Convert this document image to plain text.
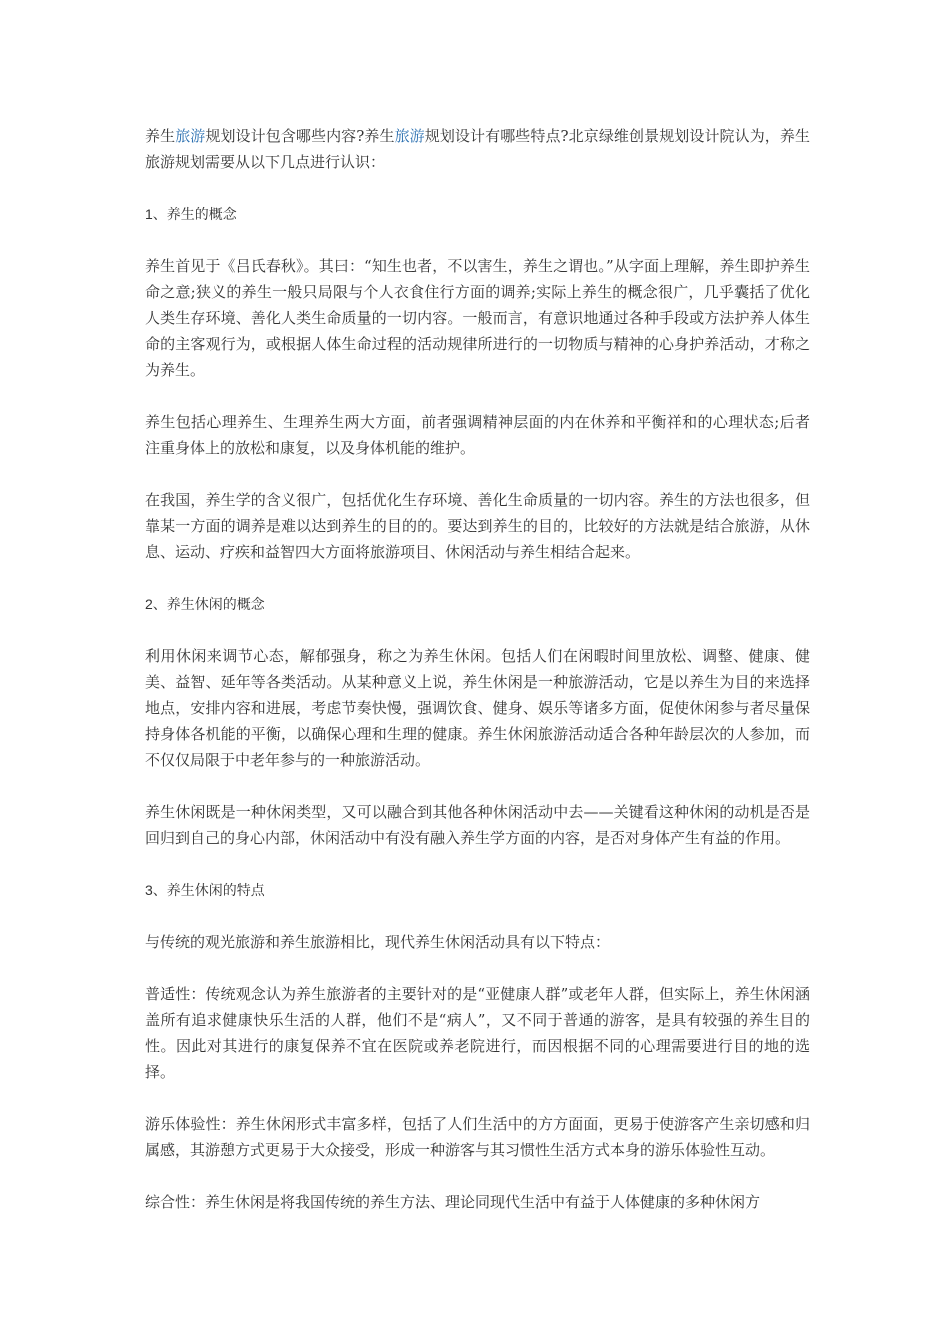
养生旅游规划设计包含哪些内容?养生旅游规划设计有哪些特点?北京绿维创景规划设计院认为，养生旅游规划需要从以下几点进行认识：

1、养生的概念

养生首见于《吕氏春秋》。其曰：“知生也者，不以害生，养生之谓也。”从字面上理解，养生即护养生命之意;狭义的养生一般只局限与个人衣食住行方面的调养;实际上养生的概念很广，几乎囊括了优化人类生存环境、善化人类生命质量的一切内容。一般而言，有意识地通过各种手段或方法护养人体生命的主客观行为，或根据人体生命过程的活动规律所进行的一切物质与精神的心身护养活动，才称之为养生。

养生包括心理养生、生理养生两大方面，前者强调精神层面的内在休养和平衡祥和的心理状态;后者注重身体上的放松和康复，以及身体机能的维护。

在我国，养生学的含义很广，包括优化生存环境、善化生命质量的一切内容。养生的方法也很多，但靠某一方面的调养是难以达到养生的目的的。要达到养生的目的，比较好的方法就是结合旅游，从休息、运动、疗疾和益智四大方面将旅游项目、休闲活动与养生相结合起来。

2、养生休闲的概念

利用休闲来调节心态，解郁强身，称之为养生休闲。包括人们在闲暇时间里放松、调整、健康、健美、益智、延年等各类活动。从某种意义上说，养生休闲是一种旅游活动，它是以养生为目的来选择地点，安排内容和进展，考虑节奏快慢，强调饮食、健身、娱乐等诸多方面，促使休闲参与者尽量保持身体各机能的平衡，以确保心理和生理的健康。养生休闲旅游活动适合各种年龄层次的人参加，而不仅仅局限于中老年参与的一种旅游活动。

养生休闲既是一种休闲类型，又可以融合到其他各种休闲活动中去——关键看这种休闲的动机是否是回归到自己的身心内部，休闲活动中有没有融入养生学方面的内容，是否对身体产生有益的作用。

3、养生休闲的特点

与传统的观光旅游和养生旅游相比，现代养生休闲活动具有以下特点：

普适性：传统观念认为养生旅游者的主要针对的是“亚健康人群”或老年人群，但实际上，养生休闲涵盖所有追求健康快乐生活的人群，他们不是“病人”，又不同于普通的游客，是具有较强的养生目的性。因此对其进行的康复保养不宜在医院或养老院进行，而因根据不同的心理需要进行目的地的选择。

游乐体验性：养生休闲形式丰富多样，包括了人们生活中的方方面面，更易于使游客产生亲切感和归属感，其游憩方式更易于大众接受，形成一种游客与其习惯性生活方式本身的游乐体验性互动。

综合性：养生休闲是将我国传统的养生方法、理论同现代生活中有益于人体健康的多种休闲方
